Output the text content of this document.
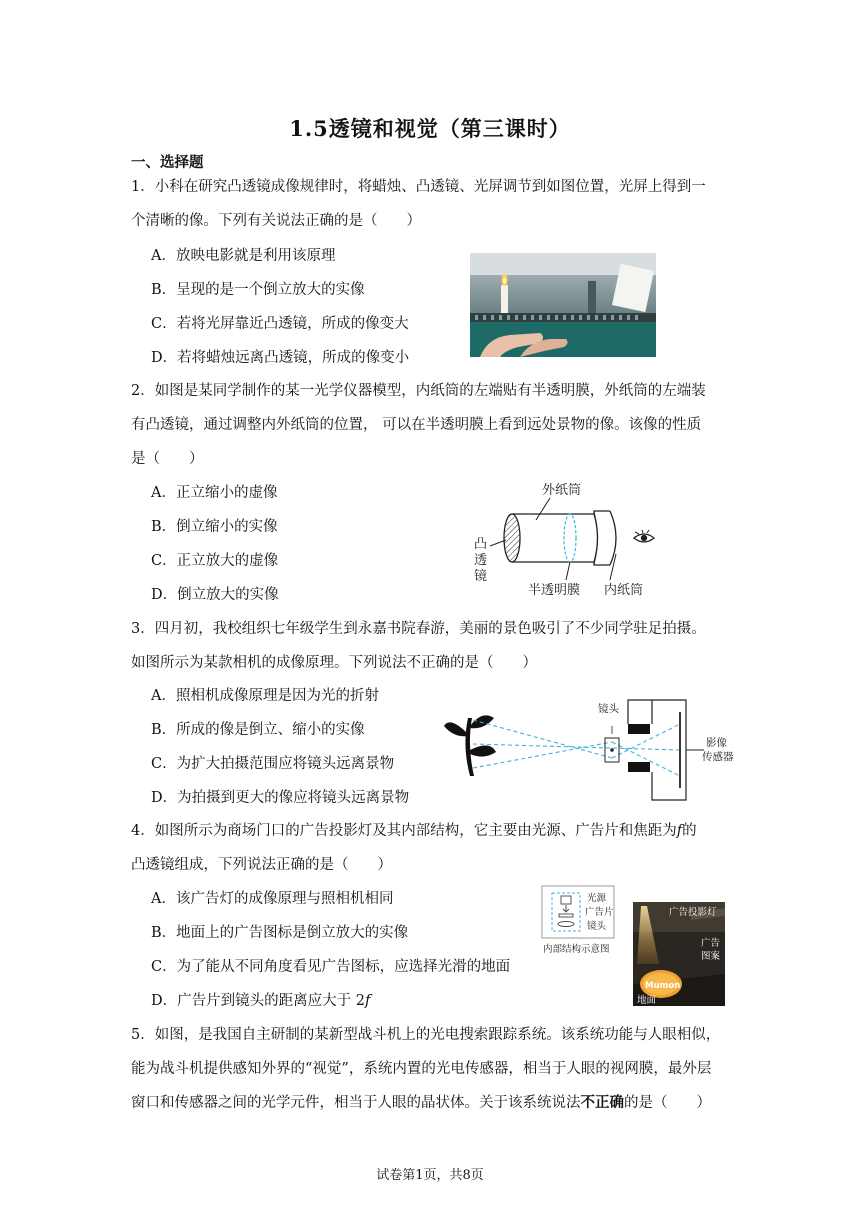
1.5透镜和视觉（第三课时）
一、选择题
1．小科在研究凸透镜成像规律时，将蜡烛、凸透镜、光屏调节到如图位置，光屏上得到一
个清晰的像。下列有关说法正确的是（　　）
A．放映电影就是利用该原理
B．呈现的是一个倒立放大的实像
C．若将光屏靠近凸透镜，所成的像变大
D．若将蜡烛远离凸透镜，所成的像变小
2．如图是某同学制作的某一光学仪器模型，内纸筒的左端贴有半透明膜，外纸筒的左端装
有凸透镜，通过调整内外纸筒的位置， 可以在半透明膜上看到远处景物的像。该像的性质
是（　　）
A．正立缩小的虚像
B．倒立缩小的实像
C．正立放大的虚像
D．倒立放大的实像
外纸筒
凸
透
镜
半透明膜 内纸筒
3．四月初，我校组织七年级学生到永嘉书院春游，美丽的景色吸引了不少同学驻足拍摄。
如图所示为某款相机的成像原理。下列说法不正确的是（　　）
A．照相机成像原理是因为光的折射
B．所成的像是倒立、缩小的实像
C．为扩大拍摄范围应将镜头远离景物
D．为拍摄到更大的像应将镜头远离景物
镜头
影像
传感器
4．如图所示为商场门口的广告投影灯及其内部结构，它主要由光源、广告片和焦距为f的
凸透镜组成，下列说法正确的是（　　）
A．该广告灯的成像原理与照相机相同
B．地面上的广告图标是倒立放大的实像
C．为了能从不同角度看见广告图标，应选择光滑的地面
D．广告片到镜头的距离应大于 2f
光源
广告片
镜头
内部结构示意图
Mumon
广告投影灯
广告
图案
地面
5．如图，是我国自主研制的某新型战斗机上的光电搜索跟踪系统。该系统功能与人眼相似，
能为战斗机提供感知外界的“视觉”，系统内置的光电传感器，相当于人眼的视网膜，最外层
窗口和传感器之间的光学元件，相当于人眼的晶状体。关于该系统说法不正确的是（　　）
试卷第1页，共8页
